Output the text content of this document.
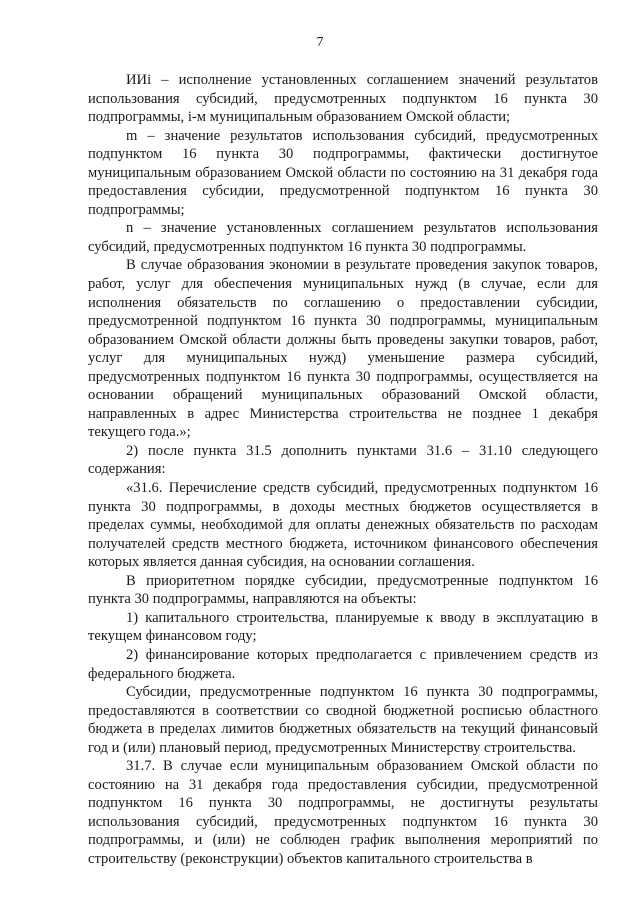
7

ИИi – исполнение установленных соглашением значений результатов использования субсидий, предусмотренных подпунктом 16 пункта 30 подпрограммы, i-м муниципальным образованием Омской области;

m – значение результатов использования субсидий, предусмотренных подпунктом 16 пункта 30 подпрограммы, фактически достигнутое муниципальным образованием Омской области по состоянию на 31 декабря года предоставления субсидии, предусмотренной подпунктом 16 пункта 30 подпрограммы;

n – значение установленных соглашением результатов использования субсидий, предусмотренных подпунктом 16 пункта 30 подпрограммы.

В случае образования экономии в результате проведения закупок товаров, работ, услуг для обеспечения муниципальных нужд (в случае, если для исполнения обязательств по соглашению о предоставлении субсидии, предусмотренной подпунктом 16 пункта 30 подпрограммы, муниципальным образованием Омской области должны быть проведены закупки товаров, работ, услуг для муниципальных нужд) уменьшение размера субсидий, предусмотренных подпунктом 16 пункта 30 подпрограммы, осуществляется на основании обращений муниципальных образований Омской области, направленных в адрес Министерства строительства не позднее 1 декабря текущего года.»;

2) после пункта 31.5 дополнить пунктами 31.6 – 31.10 следующего содержания:

«31.6. Перечисление средств субсидий, предусмотренных подпунктом 16 пункта 30 подпрограммы, в доходы местных бюджетов осуществляется в пределах суммы, необходимой для оплаты денежных обязательств по расходам получателей средств местного бюджета, источником финансового обеспечения которых является данная субсидия, на основании соглашения.

В приоритетном порядке субсидии, предусмотренные подпунктом 16 пункта 30 подпрограммы, направляются на объекты:

1) капитального строительства, планируемые к вводу в эксплуатацию в текущем финансовом году;

2) финансирование которых предполагается с привлечением средств из федерального бюджета.

Субсидии, предусмотренные подпунктом 16 пункта 30 подпрограммы, предоставляются в соответствии со сводной бюджетной росписью областного бюджета в пределах лимитов бюджетных обязательств на текущий финансовый год и (или) плановый период, предусмотренных Министерству строительства.

31.7. В случае если муниципальным образованием Омской области по состоянию на 31 декабря года предоставления субсидии, предусмотренной подпунктом 16 пункта 30 подпрограммы, не достигнуты результаты использования субсидий, предусмотренных подпунктом 16 пункта 30 подпрограммы, и (или) не соблюден график выполнения мероприятий по строительству (реконструкции) объектов капитального строительства в
